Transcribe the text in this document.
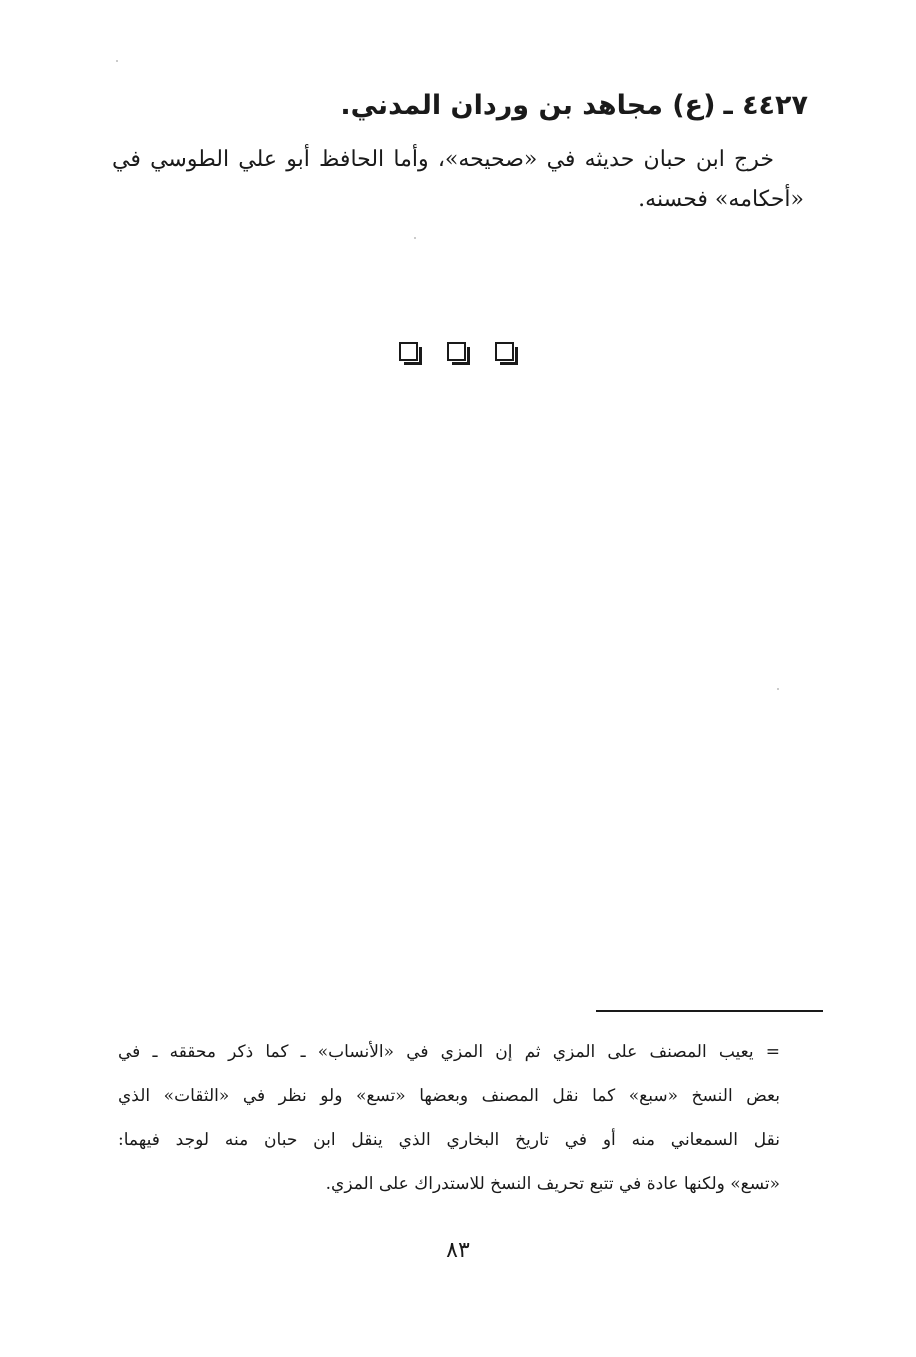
٤٤٢٧ ـ(ع) مجاهد بن وردان المدني.

خرج ابن حبان حديثه في «صحيحه»، وأما الحافظ أبو علي الطوسي في «أحكامه» فحسنه.

= يعيب المصنف على المزي ثم إن المزي في «الأنساب» ـ كما ذكر محققه ـ في
بعض النسخ «سبع» كما نقل المصنف وبعضها «تسع» ولو نظر في «الثقات» الذي
نقل السمعاني منه أو في تاريخ البخاري الذي ينقل ابن حبان منه لوجد فيهما:
«تسع» ولكنها عادة في تتبع تحريف النسخ للاستدراك على المزي.
٨٣
